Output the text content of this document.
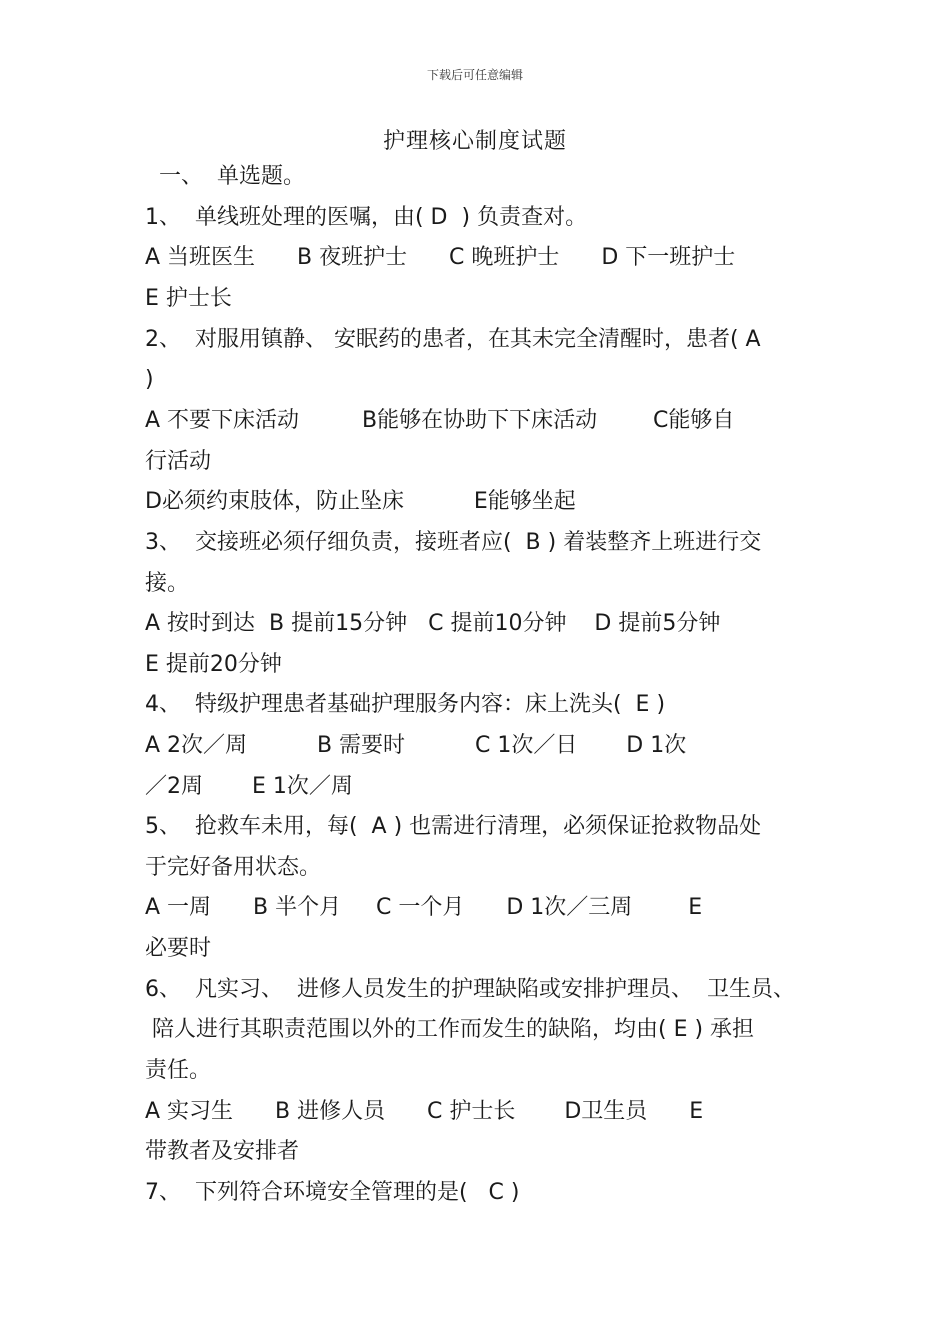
下载后可任意编辑
护理核心制度试题
一、  单选题。
1、  单线班处理的医嘱，由( D  ) 负责查对。
A 当班医生      B 夜班护士      C 晚班护士      D 下一班护士
E 护士长
2、  对服用镇静、 安眠药的患者，在其未完全清醒时，患者( A
)
A 不要下床活动         B能够在协助下下床活动        C能够自
行活动
D必须约束肢体，防止坠床          E能够坐起
3、  交接班必须仔细负责，接班者应(  B ) 着装整齐上班进行交
接。
A 按时到达  B 提前15分钟   C 提前10分钟    D 提前5分钟
E 提前20分钟
4、  特级护理患者基础护理服务内容：床上洗头(  E )
A 2次／周          B 需要时          C 1次／日       D 1次
／2周       E 1次／周
5、  抢救车未用，每(  A ) 也需进行清理，必须保证抢救物品处
于完好备用状态。
A 一周      B 半个月     C 一个月      D 1次／三周        E
必要时
6、  凡实习、  进修人员发生的护理缺陷或安排护理员、  卫生员、
陪人进行其职责范围以外的工作而发生的缺陷，均由( E ) 承担
责任。
A 实习生      B 进修人员      C 护士长       D卫生员      E
带教者及安排者
7、  下列符合环境安全管理的是(   C )
